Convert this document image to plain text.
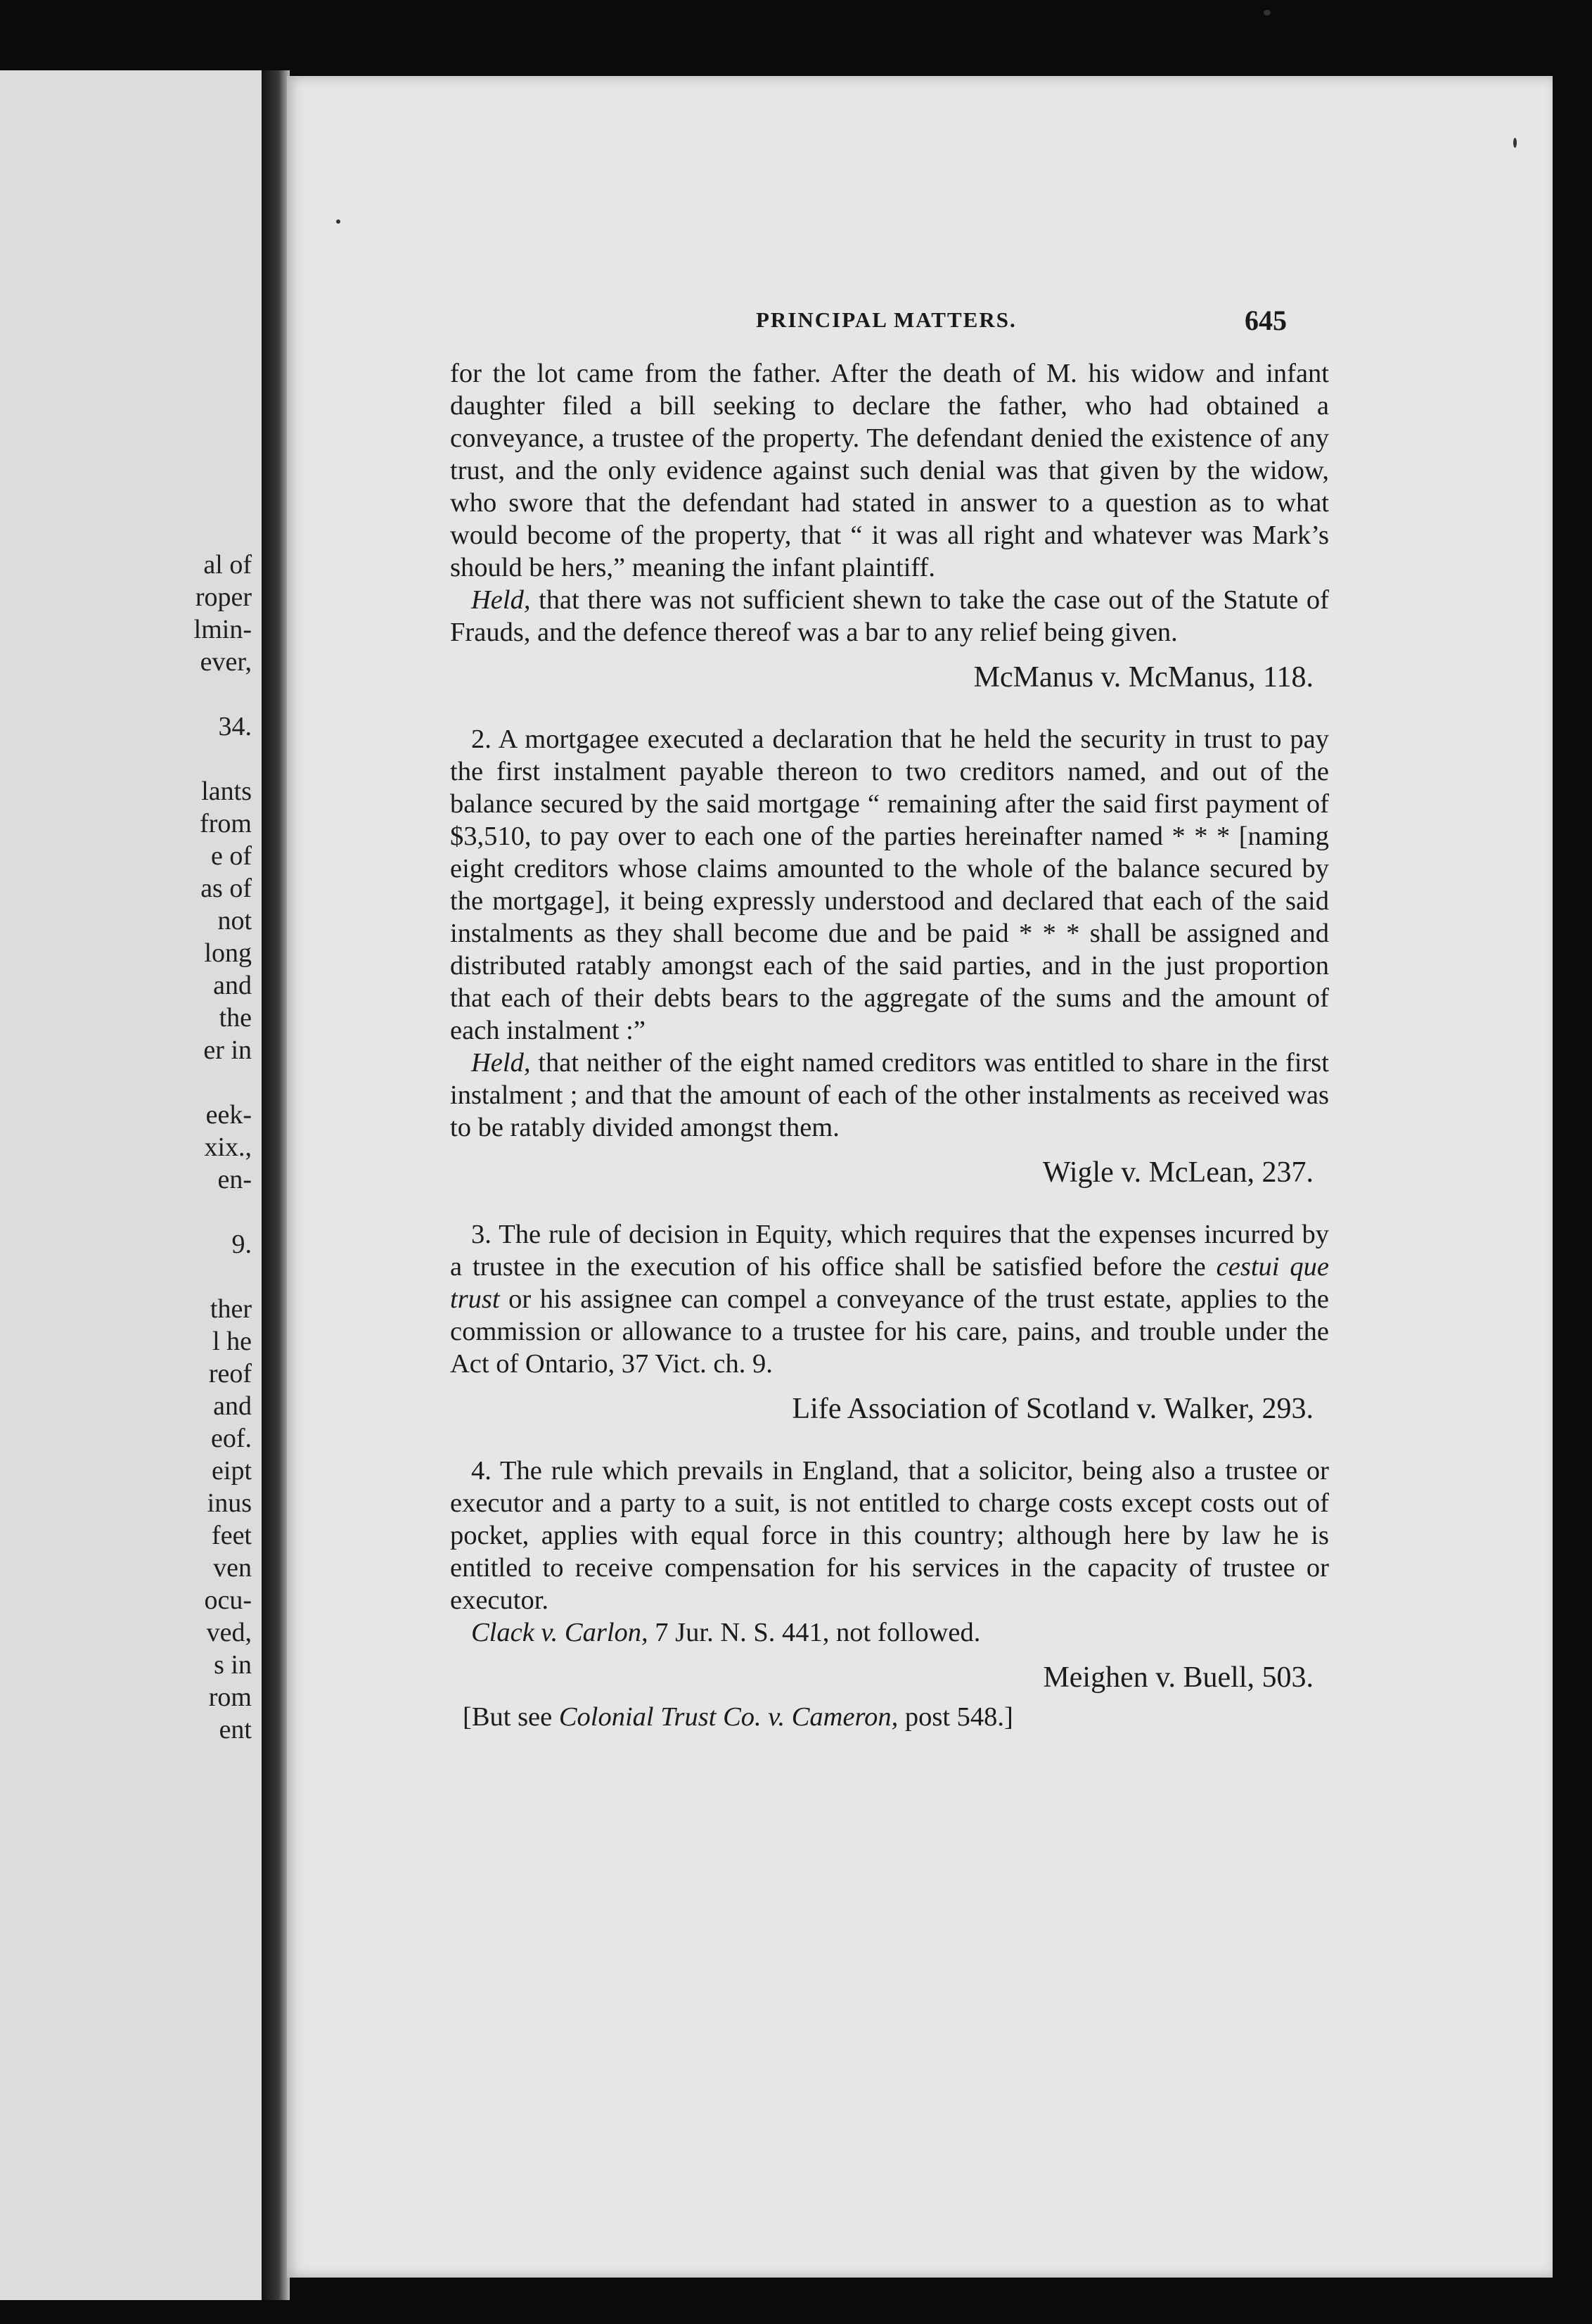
al of
roper
lmin-
ever,
34.
lants
from
e of
as of
not
long
and
the
er in
eek-
xix.,
en-
9.
ther
l he
reof
and
eof.
eipt
inus
feet
ven
ocu-
ved,
s in
rom
ent
PRINCIPAL MATTERS.	645

for the lot came from the father. After the death of M. his widow and infant daughter filed a bill seeking to declare the father, who had obtained a conveyance, a trustee of the property. The defendant denied the existence of any trust, and the only evidence against such denial was that given by the widow, who swore that the defendant had stated in answer to a question as to what would become of the property, that “ it was all right and whatever was Mark’s should be hers,” meaning the infant plaintiff.

Held, that there was not sufficient shewn to take the case out of the Statute of Frauds, and the defence thereof was a bar to any relief being given.

McManus v. McManus, 118.

2. A mortgagee executed a declaration that he held the security in trust to pay the first instalment payable thereon to two creditors named, and out of the balance secured by the said mortgage “ remaining after the said first payment of $3,510, to pay over to each one of the parties hereinafter named * * * [naming eight creditors whose claims amounted to the whole of the balance secured by the mortgage], it being expressly understood and declared that each of the said instalments as they shall become due and be paid * * * shall be assigned and distributed ratably amongst each of the said parties, and in the just proportion that each of their debts bears to the aggregate of the sums and the amount of each instalment :”

Held, that neither of the eight named creditors was entitled to share in the first instalment ; and that the amount of each of the other instalments as received was to be ratably divided amongst them.

Wigle v. McLean, 237.

3. The rule of decision in Equity, which requires that the expenses incurred by a trustee in the execution of his office shall be satisfied before the cestui que trust or his assignee can compel a conveyance of the trust estate, applies to the commission or allowance to a trustee for his care, pains, and trouble under the Act of Ontario, 37 Vict. ch. 9.

Life Association of Scotland v. Walker, 293.

4. The rule which prevails in England, that a solicitor, being also a trustee or executor and a party to a suit, is not entitled to charge costs except costs out of pocket, applies with equal force in this country; although here by law he is entitled to receive compensation for his services in the capacity of trustee or executor.

Clack v. Carlon, 7 Jur. N. S. 441, not followed.

Meighen v. Buell, 503.

[But see Colonial Trust Co. v. Cameron, post 548.]
